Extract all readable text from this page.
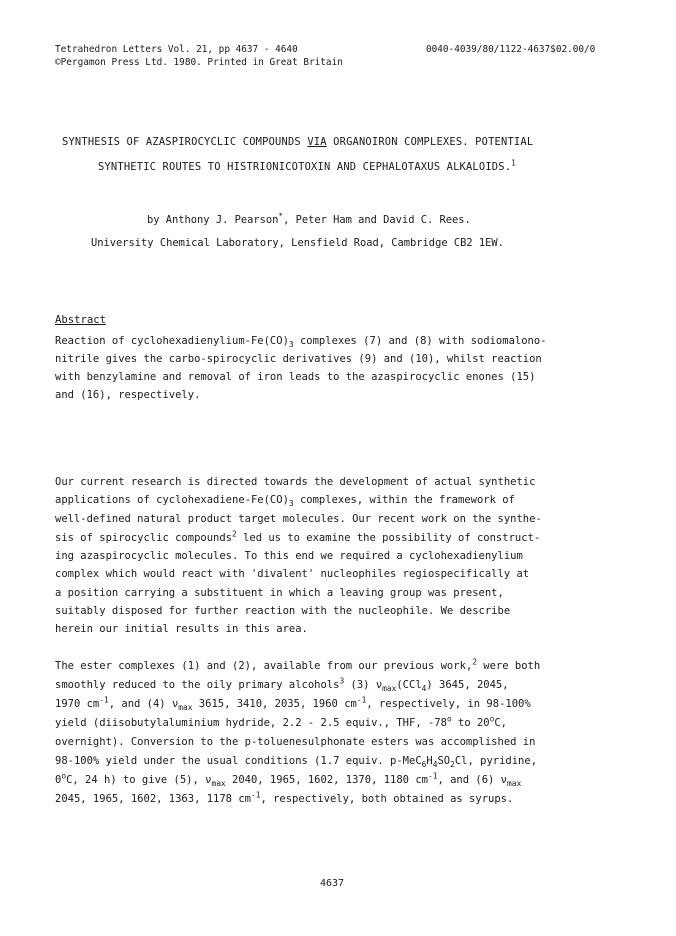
Tetrahedron Letters Vol. 21, pp 4637 - 4640
©Pergamon Press Ltd. 1980. Printed in Great Britain
0040-4039/80/1122-4637$02.00/0
SYNTHESIS OF AZASPIROCYCLIC COMPOUNDS VIA ORGANOIRON COMPLEXES. POTENTIAL
SYNTHETIC ROUTES TO HISTRIONICOTOXIN AND CEPHALOTAXUS ALKALOIDS.$^1$
by Anthony J. Pearson*, Peter Ham and David C. Rees.
University Chemical Laboratory, Lensfield Road, Cambridge CB2 1EW.
Abstract
Reaction of cyclohexadienylium-$Fe(CO)_3$ complexes (7) and (8) with sodiomalono-
nitrile gives the carbo-spirocyclic derivatives (9) and (10), whilst reaction
with benzylamine and removal of iron leads to the azaspirocyclic enones (15)
and (16), respectively.
Our current research is directed towards the development of actual synthetic
applications of cyclohexadiene-$Fe(CO)_3$ complexes, within the framework of
well-defined natural product target molecules. Our recent work on the synthe-
sis of spirocyclic compounds$^2$ led us to examine the possibility of construct-
ing azaspirocyclic molecules. To this end we required a cyclohexadienylium
complex which would react with 'divalent' nucleophiles regiospecifically at
a position carrying a substituent in which a leaving group was present,
suitably disposed for further reaction with the nucleophile. We describe
herein our initial results in this area.
The ester complexes (1) and (2), available from our previous work,$^2$ were both
smoothly reduced to the oily primary alcohols$^3$ (3) $\nu_{max}(CCl_4)$ 3645, 2045,
1970 $cm^{-1}$, and (4) $\nu_{max}$ 3615, 3410, 2035, 1960 $cm^{-1}$, respectively, in 98-100%
yield (diisobutylaluminium hydride, 2.2 - 2.5 equiv., THF, -78$^o$ to 20$^o$C,
overnight). Conversion to the p-toluenesulphonate esters was accomplished in
98-100% yield under the usual conditions (1.7 equiv. $p-MeC_6H_4SO_2Cl$, pyridine,
0$^o$C, 24 h) to give (5), $\nu_{max}$ 2040, 1965, 1602, 1370, 1180 $cm^{-1}$, and (6) $\nu_{max}$
2045, 1965, 1602, 1363, 1178 $cm^{-1}$, respectively, both obtained as syrups.
4637
